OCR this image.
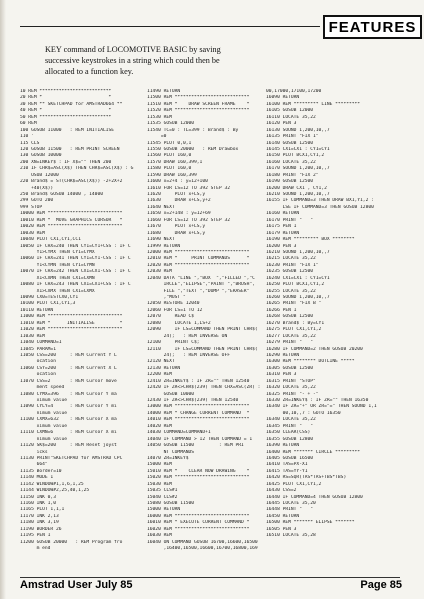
FEATURES
KEY command of LOCOMOTIVE BASIC by saving
successive keystrokes in a string which could then be
allocated to a function key.
10 REM **************************
20 REM *                        *
30 REM ** SKETCHPAD for AMSTRAD664 **
40 REM *                        *
50 REM **************************
60 REM
100 GOSUB 11000   : REM INITIALISE
110 '
115 CLS
120 GOSUB 11500   : REM PRINT SCREEN
130 GOSUB 10000
200 XN=INKEY$ : IF X$="" THEN 200
210 IF CHR$=ASC(X$) THEN CHR$=ASC(X$) : G
OSUB 12000
220 Brand$ = ST(CHR$=ASC(X$)) -2+2X+2
+40(X$))
250 Brand$ GOSUB 14000 , 14000
299 GOTO 200
999 STOP
10000 REM ***************************
10010 REM *  MOVE GRAPHICS CURSOR   *
10020 REM ***************************
10030 REM
10040 PLOT CX1,CY1,CC1
10050 IF CHX=240 THEN CY1=CY1+CSS : IF C
Y1>CYMX THEN CY1=CYMX
10060 IF CHX=241 THEN CY1=CY1-CSS : IF C
Y1<CYMN THEN CY1=CYMN
10070 IF CHX=242 THEN CX1=CX1-CSS : IF C
X1<CXMN THEN CX1=CXMN
10080 IF CHX=243 THEN CX1=CX1+CSS : IF C
X1>CXMX THEN CX1=CXMX
10090 CX0=TESTCX0,CY1
10100 PLOT CX1,CY1,3
10110 RETURN
11000 REM ***************************
11010 REM *      INITIALISE         *
11020 REM ***************************
11030 REM
11040 COMMAND=1
11045 PARAM=1
11050 CSS=200     : REM Current Y L
ocation
11060 CSY=200     : REM Current X L
ocation
11070 CSS=2       : REM Cursor move
ment speed
11080 CYMX=396    : REM Cursor Y ma
ximum value
11090 CYLY=4      : REM Cursor Y mi
nimum value
11100 CXMX=632    : REM Cursor X ma
ximum value
11110 CXMN=6      : REM Cursor X mi
nimum value
11120 SK$=200     : REM Reset joyst
icks
11130 PRINT"SKETCHPAD for AMSTRAD CPC
664"
11135 Border=10
11140 MODE 1
11142 WINDOW#1,1,6,1,25
11144 WINDOW#2,25,40,1,25
11150 INK 0,3
11160 INK 1,0
11165 PLOT 1,1,1
11170 INK 2,13
11180 INK 3,19
11190 BORDER 26
11195 PEN 1
11200 GOSUB 20000   : REM Program fro
m end
11490 RETURN
11500 REM ***************************
11510 REM *    DRAW SCREEN FRAME    *
11520 REM ***************************
11530 REM
11535 GOSUB 12000
11540 TC=0 : TL=399 : Brand$ : By
=0
11545 PLOT 0,0,1
11550 GOSUB 20000   : REM Drawbox
11560 PLOT 160,0
11570 DRAW 160,399,1
11580 PLOT 160,0
11590 DRAW 160,399
11600 x=2+4 : y=12+100
11610 FOR LS=12 TO 392 STEP 32
11620     PLOT x+LS,y
11630     DRAW x+LS,y+2
11640 NEXT
11650 x=2+148 : y=12+69
11660 FOR LS=12 TO 392 STEP 32
11670     PLOT x+LS,y
11680     DRAW x+LS,y
11690 NEXT
11999 RETURN
12000 REM ***************************
12010 REM *     PRINT COMMANDS      *
12020 REM ***************************
12030 REM
12040 DATA "LINE ","BOX  ","FILLED ","C
IRCLE","ELIPSE","PAINT ","BRUSH",
FILE ","TEXT ","DUMP ","ERASER"
,"MUST "
12050 RESTORE 12040
12060 FOR LS=1 TO 12
12070     READ C$
12080     LOCATE 1,LS+2
12090     IF LS=COMMAND THEN PRINT CHR$(
24);   : REM INVERSE ON
12100     PRINT C$;
12110     IF LS=COMMAND THEN PRINT CHR$(
24);   : REM INVERSE OFF
12120 NEXT
12130 RETURN
12200 REM
12410 ZR=INKEY$ : IF ZR="" THEN 12540
12420 IF ZR<>CHR$(239) THEN CHX=ASC(ZR) :
GOSUB 10000
12430 IF ZR<>CHR$(239) THEN 12540
13000 REM ***************************
14000 REM * CHANGE CURRENT COMMAND  *
14010 REM ***************************
14020 REM
14030 COMMAND=COMMAND+1
14040 IF COMMAND > 12 THEN COMMAND = 1
14050 GOSUB 11500         : REM PRI
NT COMMANDS
14070 ZR=INKEY$
15000 REM
15010 REM *    CLEAR NOW DRAWING    *
15020 REM ***************************
15030 REM
15035 CLS#1
15040 CLS#2
15080 GOSUB 11500
15000 RETURN
16000 REM ***************************
16010 REM * EXECUTE CURRENT COMMAND *
16020 REM ***************************
16030 REM
16040 ON COMMAND GOSUB 16700,16600,16500
,16400,16500,16600,16700,16800,169
00,17000,17100,17200
16090 RETURN
16100 REM ********* LINE *********
16105 GOSUB 12000
16110 LOCATE 35,22
16120 PEN 3
16130 SOUND 1,200,10,,7
16135 PRINT "FIX 1"
16140 GOSUB 12500
16145 CX1=CX1 : CY1=CY1
16150 PLOT BCX1,CY1,2
16160 LOCATE 35,22
16170 SOUND 1,200,10,,7
16180 PRINT "FIX 2"
16190 GOSUB 12500
16200 DRAW CX1 , CY1,2
16210 SOUND 1,200,10,,7
16155 IF COMMAND=3 THEN DRAW BX1,Y1,2 :
LSE IF COMMAND=3 THEN GOSUB 12800
16160 RETURN
16170 PRINT "   "
16175 PEN 1
16179 RETURN
16190 REM ********* BOX ********
16200 PEN 3
16210 SOUND 1,200,10,,7
16215 LOCATE 35,22
16230 PRINT "FIX 1"
16235 GOSUB 12500
16240 CX1=CX1 : CY1=CY1
16250 PLOT BCX1,CY1,2
16255 LOCATE 35,22
16260 SOUND 1,200,10,,7
16265 PRINT "FIX B "
16266 PEN 1
16268 GOSUB 12500
16270 Brand$ : By=CY1
16275 PLOT CX1,CY1,2
16277 LOCATE 35,22
16279 PRINT "   "
16280 IF COMMAND=2 THEN GOSUB 20200
16290 RETURN
16300 REM ******** DOTLINE *****
16305 GOSUB 12500
16310 PEN 3
16315 PRINT "STOP"
16320 LOCATE 35,22
16325 PRINT "- + -"
16330 ZR=INKEY$ : IF ZR="" THEN 16350
16340 IF ZR="+" OR ZR="=" THEN SOUND 1,1
00,10,,7 : GOTO 16350
16340 LOCATE 35,22
16345 PRINT "   "
16350 CLEAR(CSS)
16355 GOSUB 12800
16390 RETURN
16400 REM ******* CIRCLE *********
16405 GOSUB 16500
16410 TAS=PX-X1
16415 TAS=YY-Y1
16420 RS=SQR(TAS*TAS+TBS*TBS)
16425 PLOT CX1,CY1,2
16430 CSS=2
16440 IF COMMAND=4 THEN GOSUB 12800
16445 LOCATE 35,20
16448 PRINT "   "
16450 RETURN
16500 REM ******* ELIPSE *******
16505 PEN 3
16510 LOCATE 35,28
Amstrad User July 85	Page 85
